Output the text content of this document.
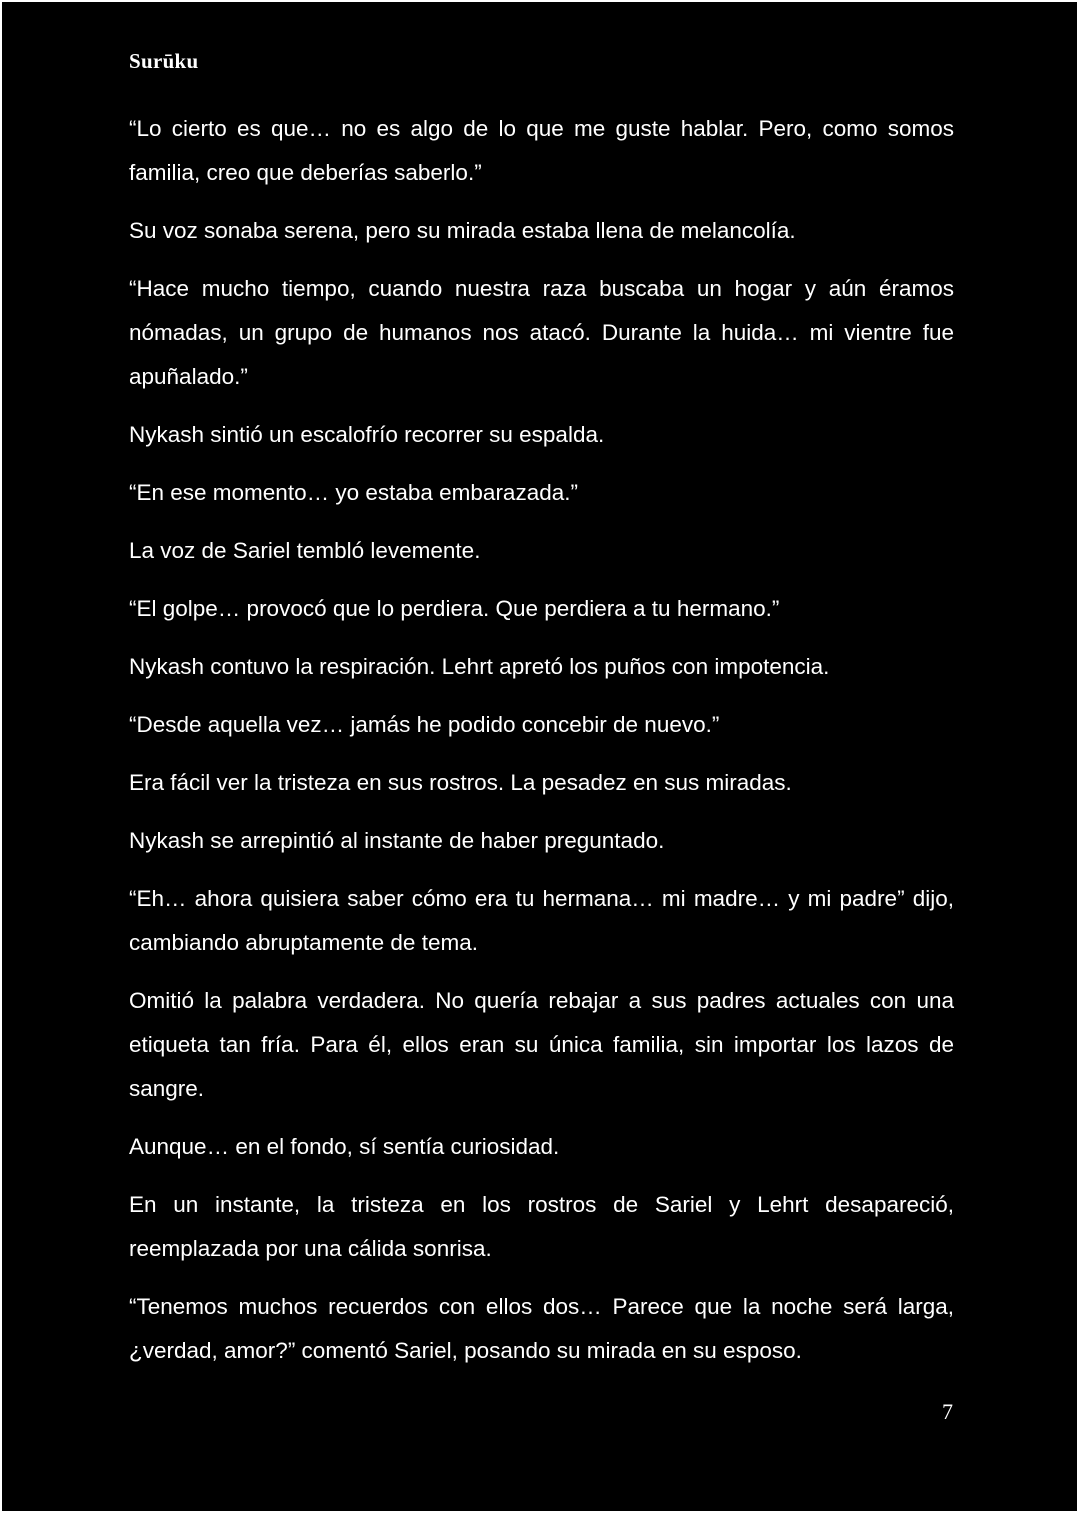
Surūku

“Lo cierto es que… no es algo de lo que me guste hablar. Pero, como somos familia, creo que deberías saberlo.”

Su voz sonaba serena, pero su mirada estaba llena de melancolía.

“Hace mucho tiempo, cuando nuestra raza buscaba un hogar y aún éramos nómadas, un grupo de humanos nos atacó. Durante la huida… mi vientre fue apuñalado.”

Nykash sintió un escalofrío recorrer su espalda.

“En ese momento… yo estaba embarazada.”

La voz de Sariel tembló levemente.

“El golpe… provocó que lo perdiera. Que perdiera a tu hermano.”

Nykash contuvo la respiración. Lehrt apretó los puños con impotencia.

“Desde aquella vez… jamás he podido concebir de nuevo.”

Era fácil ver la tristeza en sus rostros. La pesadez en sus miradas.

Nykash se arrepintió al instante de haber preguntado.

“Eh… ahora quisiera saber cómo era tu hermana… mi madre… y mi padre” dijo, cambiando abruptamente de tema.

Omitió la palabra verdadera. No quería rebajar a sus padres actuales con una etiqueta tan fría. Para él, ellos eran su única familia, sin importar los lazos de sangre.

Aunque… en el fondo, sí sentía curiosidad.

En un instante, la tristeza en los rostros de Sariel y Lehrt desapareció, reemplazada por una cálida sonrisa.

“Tenemos muchos recuerdos con ellos dos… Parece que la noche será larga, ¿verdad, amor?” comentó Sariel, posando su mirada en su esposo.

7
